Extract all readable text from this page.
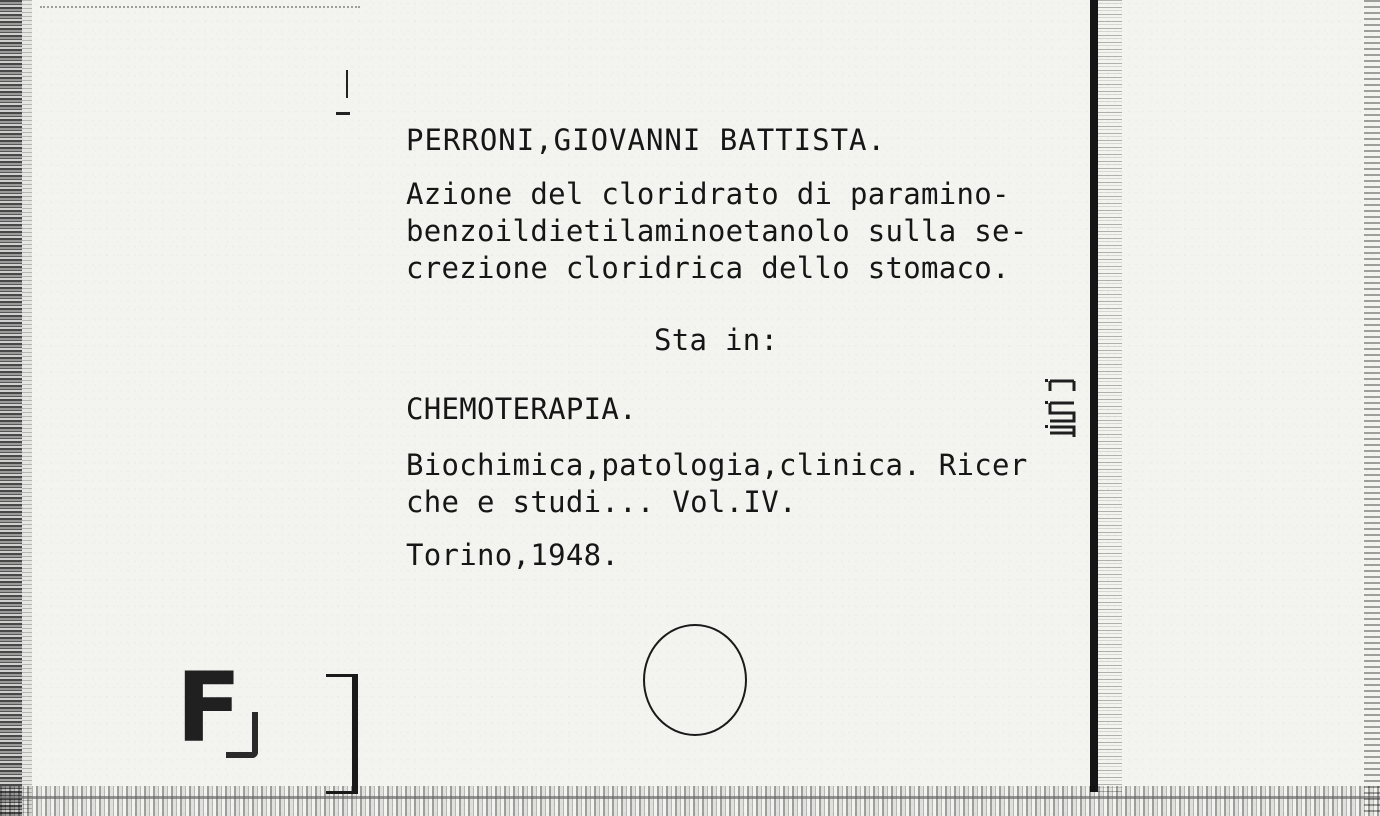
PERRONI,GIOVANNI BATTISTA.

Azione del cloridrato di paramino-
benzoildietilaminoetanolo sulla se-
crezione cloridrica dello stomaco.

Sta in:

CHEMOTERAPIA.

Biochimica,patologia,clinica. Ricer
che e studi... Vol.IV.

Torino,1948.

F
